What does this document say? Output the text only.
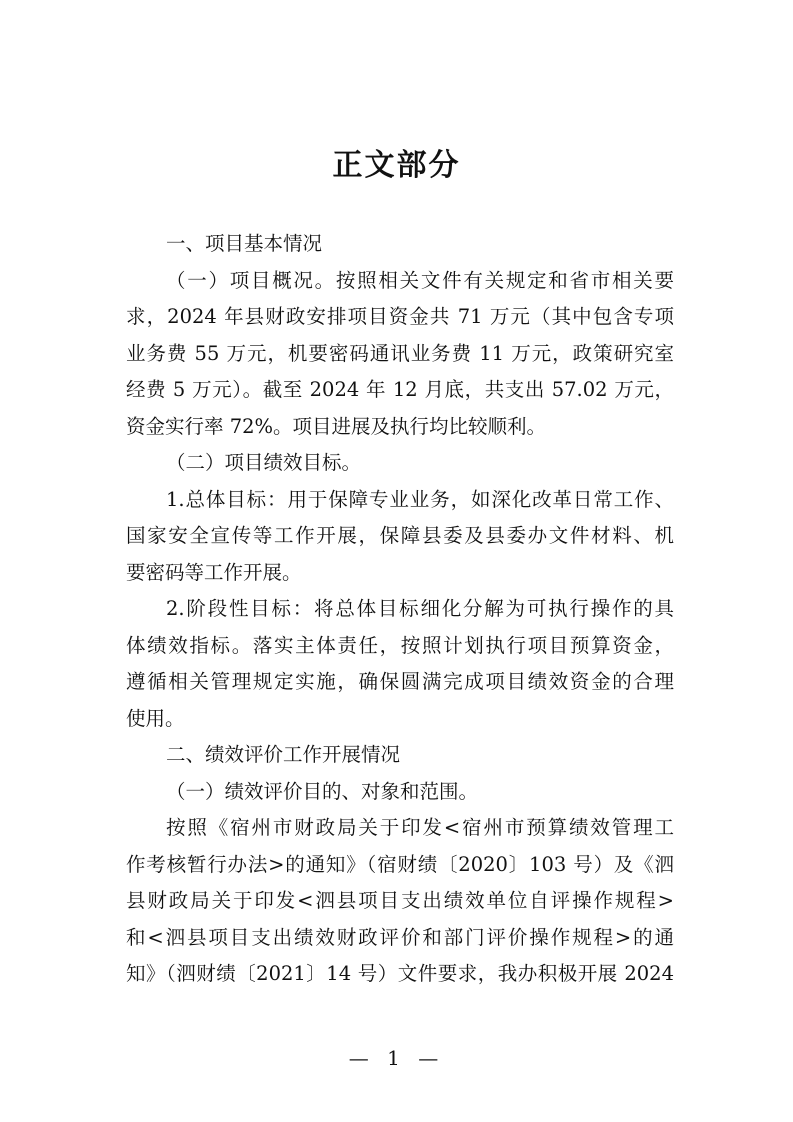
正文部分
一、项目基本情况
（一）项目概况。按照相关文件有关规定和省市相关要
求，2024 年县财政安排项目资金共 71 万元（其中包含专项
业务费 55 万元，机要密码通讯业务费 11 万元，政策研究室
经费 5 万元）。截至 2024 年 12 月底，共支出 57.02 万元，
资金实行率 72%。项目进展及执行均比较顺利。
（二）项目绩效目标。
1.总体目标：用于保障专业业务，如深化改革日常工作、
国家安全宣传等工作开展，保障县委及县委办文件材料、机
要密码等工作开展。
2.阶段性目标：将总体目标细化分解为可执行操作的具
体绩效指标。落实主体责任，按照计划执行项目预算资金，
遵循相关管理规定实施，确保圆满完成项目绩效资金的合理
使用。
二、绩效评价工作开展情况
（一）绩效评价目的、对象和范围。
按照《宿州市财政局关于印发<宿州市预算绩效管理工
作考核暂行办法>的通知》（宿财绩〔2020〕103 号）及《泗
县财政局关于印发<泗县项目支出绩效单位自评操作规程>
和<泗县项目支出绩效财政评价和部门评价操作规程>的通
知》（泗财绩〔2021〕14 号）文件要求，我办积极开展 2024
— 1 —
